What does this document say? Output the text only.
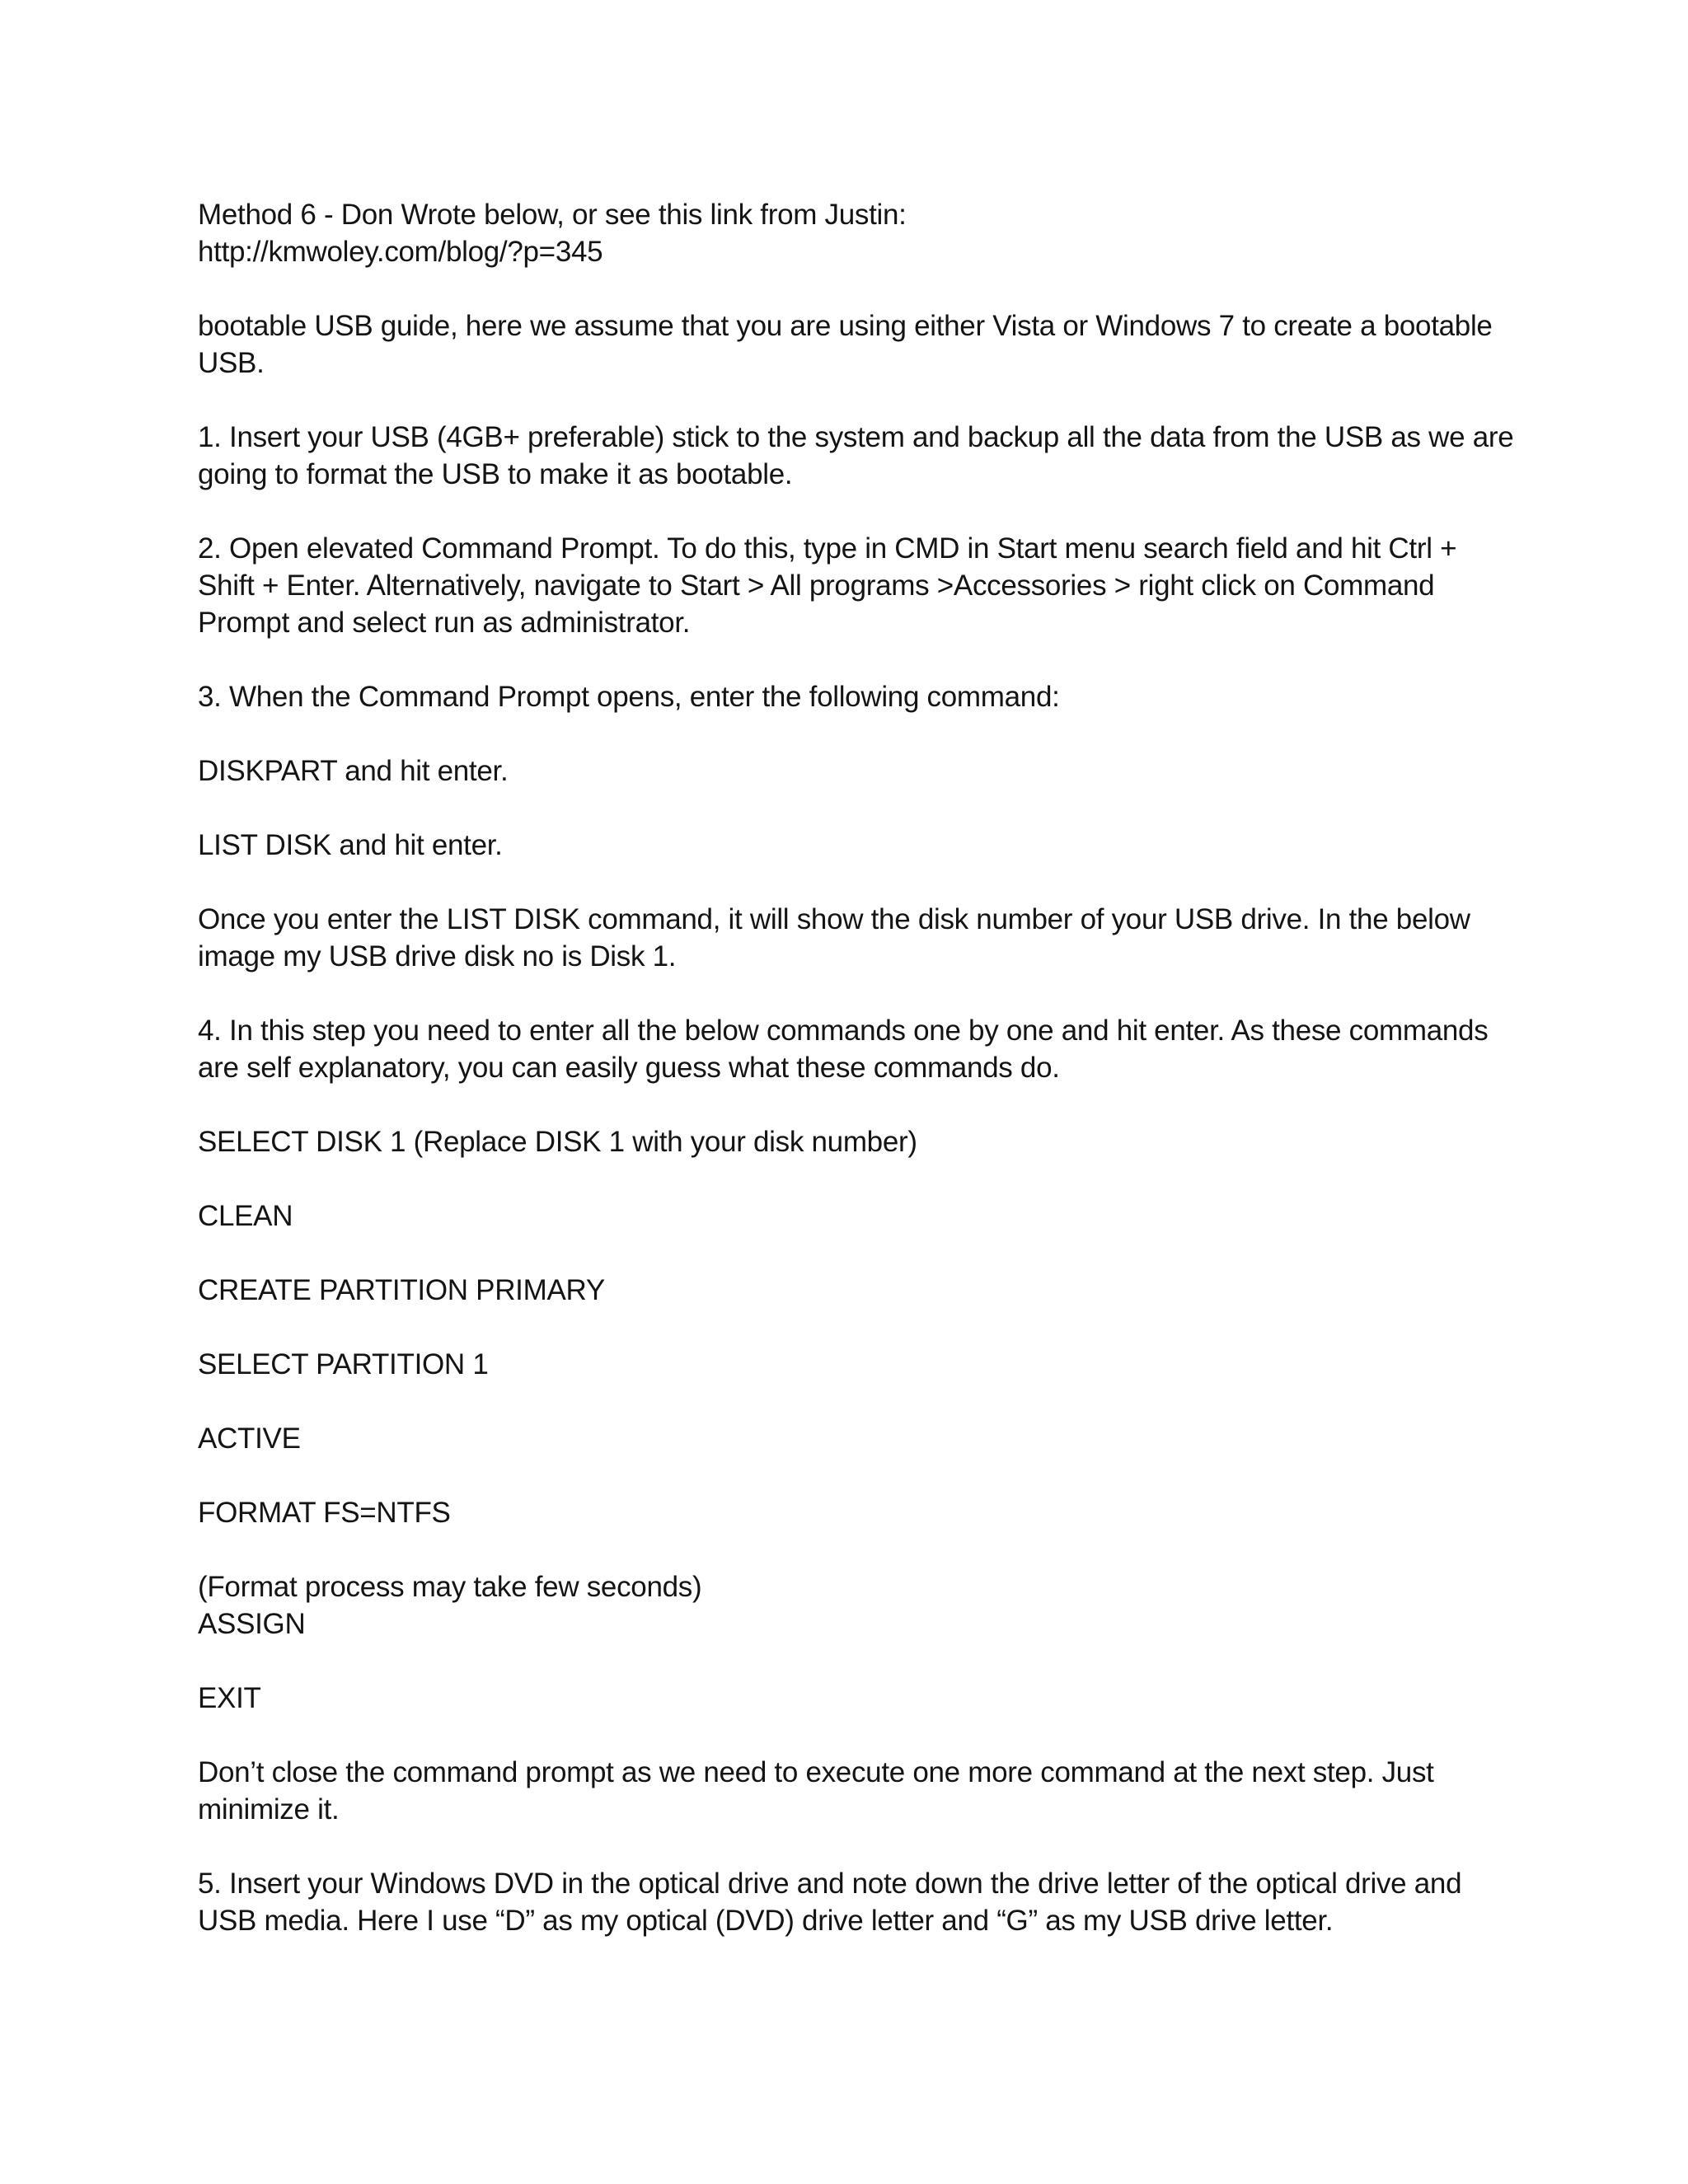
Method 6 - Don Wrote below, or see this link from Justin:
http://kmwoley.com/blog/?p=345

bootable USB guide, here we assume that you are using either Vista or Windows 7 to create a bootable
USB.

1. Insert your USB (4GB+ preferable) stick to the system and backup all the data from the USB as we are
going to format the USB to make it as bootable.

2. Open elevated Command Prompt. To do this, type in CMD in Start menu search field and hit Ctrl +
Shift + Enter. Alternatively, navigate to Start > All programs >Accessories > right click on Command
Prompt and select run as administrator.

3. When the Command Prompt opens, enter the following command:

DISKPART and hit enter.

LIST DISK and hit enter.

Once you enter the LIST DISK command, it will show the disk number of your USB drive. In the below
image my USB drive disk no is Disk 1.

4. In this step you need to enter all the below commands one by one and hit enter. As these commands
are self explanatory, you can easily guess what these commands do.

SELECT DISK 1 (Replace DISK 1 with your disk number)

CLEAN

CREATE PARTITION PRIMARY

SELECT PARTITION 1

ACTIVE

FORMAT FS=NTFS

(Format process may take few seconds)
ASSIGN

EXIT

Don’t close the command prompt as we need to execute one more command at the next step. Just
minimize it.

5. Insert your Windows DVD in the optical drive and note down the drive letter of the optical drive and
USB media. Here I use “D” as my optical (DVD) drive letter and “G” as my USB drive letter.
